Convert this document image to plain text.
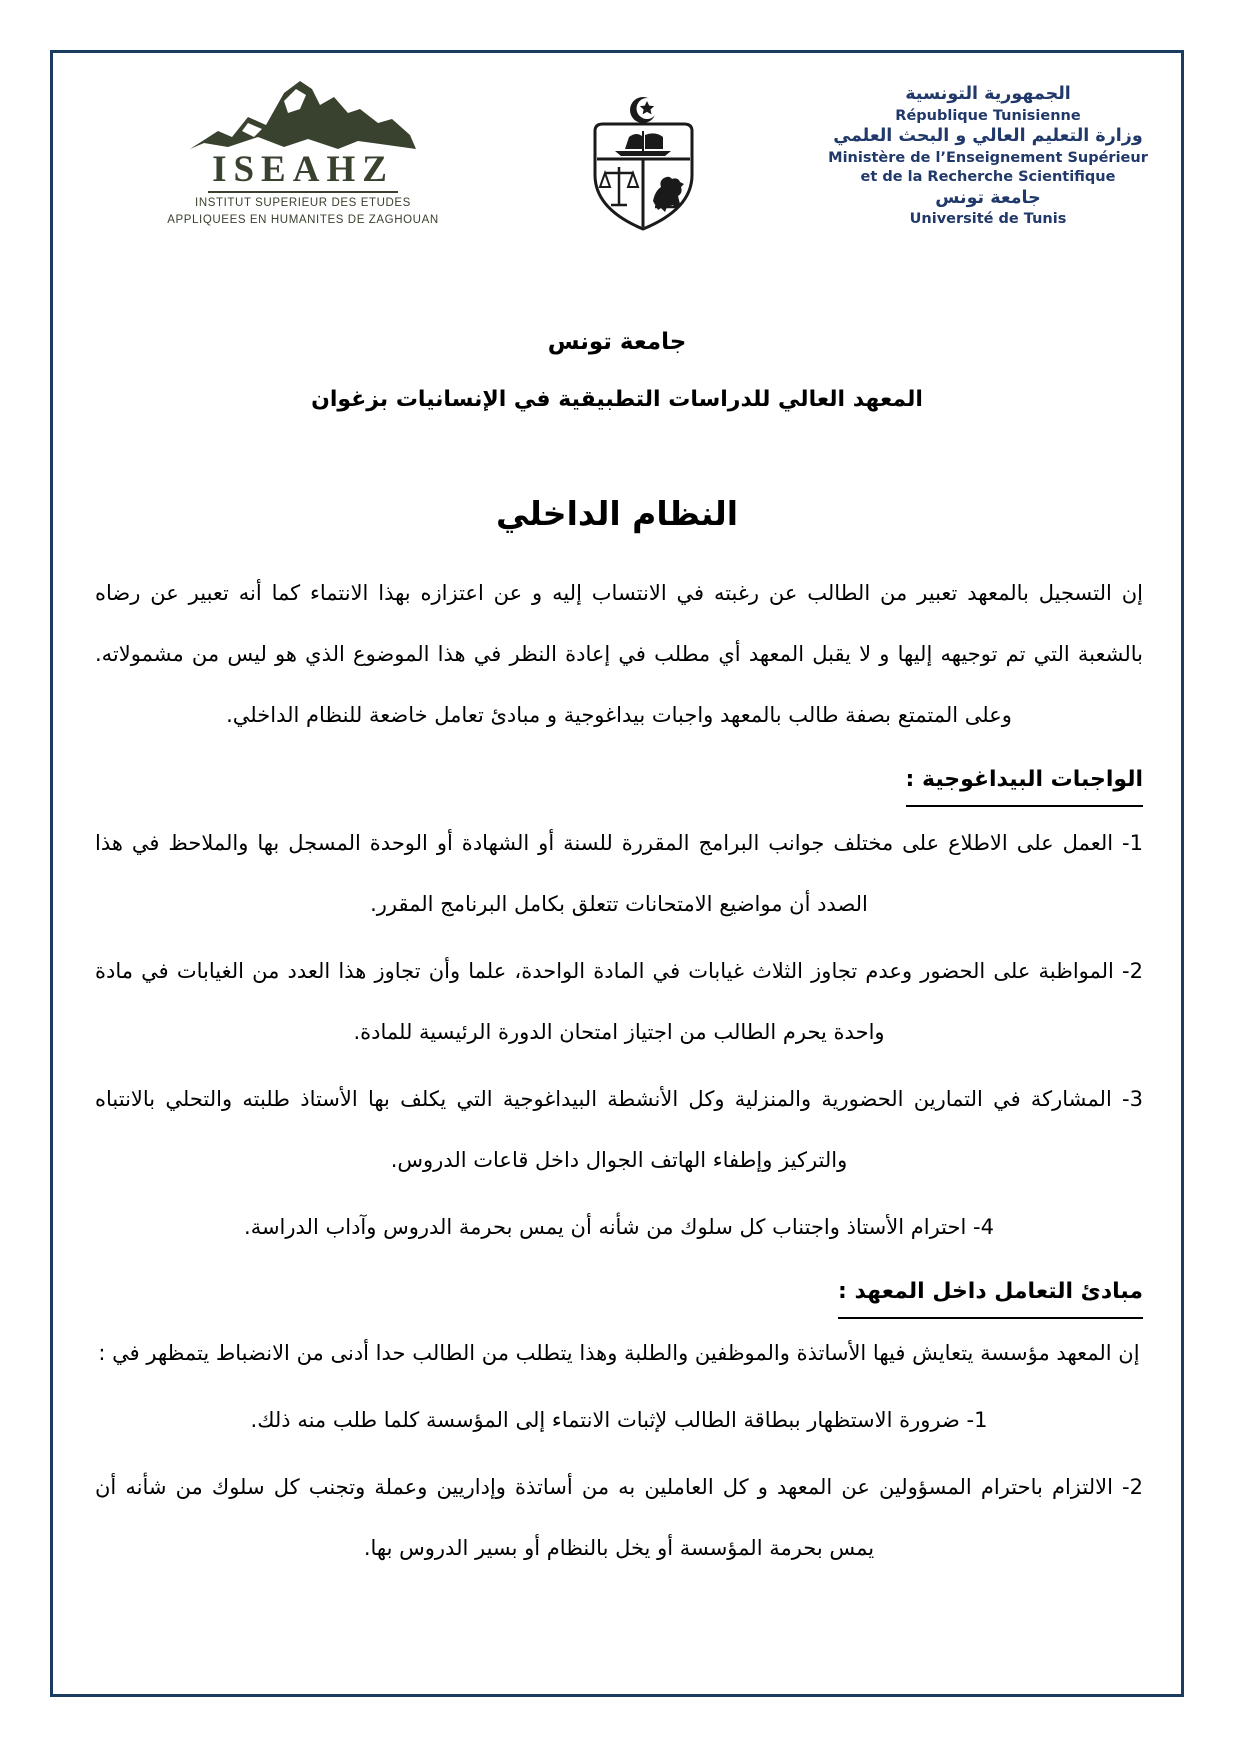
ISEAHZ
INSTITUT SUPERIEUR DES ETUDES
APPLIQUEES EN HUMANITES DE ZAGHOUAN
الجمهورية التونسية
République Tunisienne
وزارة التعليم العالي و البحث العلمي
Ministère de l’Enseignement Supérieur
et de la Recherche Scientifique
جامعة تونس
Université de Tunis
جامعة تونس
المعهد العالي للدراسات التطبيقية في الإنسانيات بزغوان
النظام الداخلي

إن التسجيل بالمعهد تعبير من الطالب عن رغبته في الانتساب إليه و عن اعتزازه بهذا الانتماء كما أنه تعبير عن رضاه بالشعبة التي تم توجيهه إليها و لا يقبل المعهد أي مطلب في إعادة النظر في هذا الموضوع الذي هو ليس من مشمولاته. وعلى المتمتع بصفة طالب بالمعهد واجبات بيداغوجية و مبادئ تعامل خاضعة للنظام الداخلي.

الواجبات البيداغوجية :

1- العمل على الاطلاع على مختلف جوانب البرامج المقررة للسنة أو الشهادة أو الوحدة المسجل بها والملاحظ في هذا الصدد أن مواضيع الامتحانات تتعلق بكامل البرنامج المقرر.

2- المواظبة على الحضور وعدم تجاوز الثلاث غيابات في المادة الواحدة، علما وأن تجاوز هذا العدد من الغيابات في مادة واحدة يحرم الطالب من اجتياز امتحان الدورة الرئيسية للمادة.

3- المشاركة في التمارين الحضورية والمنزلية وكل الأنشطة البيداغوجية التي يكلف بها الأستاذ طلبته والتحلي بالانتباه والتركيز وإطفاء الهاتف الجوال داخل قاعات الدروس.

4- احترام الأستاذ واجتناب كل سلوك من شأنه أن يمس بحرمة الدروس وآداب الدراسة.

مبادئ التعامل داخل المعهد :

إن المعهد مؤسسة يتعايش فيها الأساتذة والموظفين والطلبة وهذا يتطلب من الطالب حدا أدنى من الانضباط يتمظهر في :

1- ضرورة الاستظهار ببطاقة الطالب لإثبات الانتماء إلى المؤسسة كلما طلب منه ذلك.

2- الالتزام باحترام المسؤولين عن المعهد و كل العاملين به من أساتذة وإداريين وعملة وتجنب كل سلوك من شأنه أن يمس بحرمة المؤسسة أو يخل بالنظام أو بسير الدروس بها.
